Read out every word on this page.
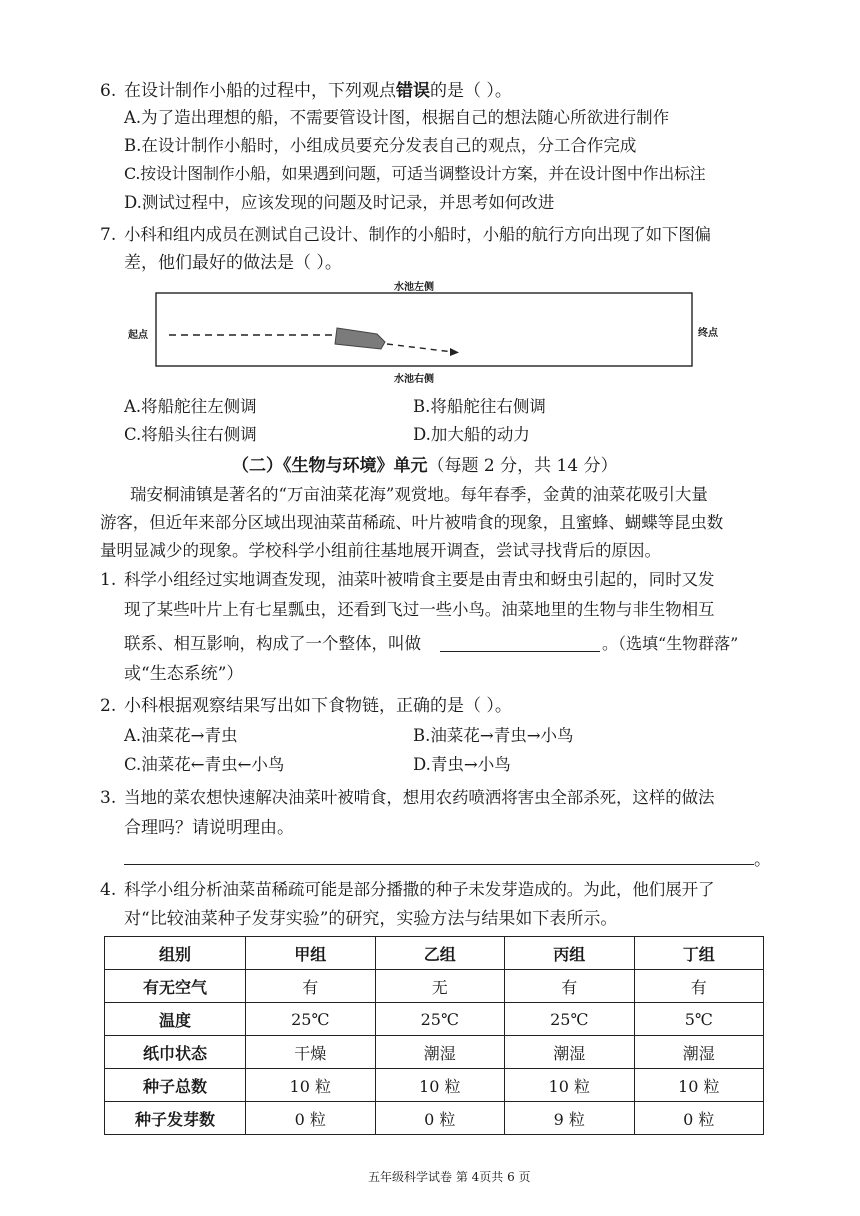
6. 在设计制作小船的过程中，下列观点错误的是（ ）。
A.为了造出理想的船，不需要管设计图，根据自己的想法随心所欲进行制作
B.在设计制作小船时，小组成员要充分发表自己的观点，分工合作完成
C.按设计图制作小船，如果遇到问题，可适当调整设计方案，并在设计图中作出标注
D.测试过程中，应该发现的问题及时记录，并思考如何改进
7. 小科和组内成员在测试自己设计、制作的小船时，小船的航行方向出现了如下图偏
差，他们最好的做法是（ ）。
水池左侧
起点	终点
水池右侧
A.将船舵往左侧调	B.将船舵往右侧调
C.将船头往右侧调	D.加大船的动力
（二）《生物与环境》单元（每题 2 分，共 14 分）
瑞安桐浦镇是著名的“万亩油菜花海”观赏地。每年春季，金黄的油菜花吸引大量
游客，但近年来部分区域出现油菜苗稀疏、叶片被啃食的现象，且蜜蜂、蝴蝶等昆虫数
量明显减少的现象。学校科学小组前往基地展开调查，尝试寻找背后的原因。
1. 科学小组经过实地调查发现，油菜叶被啃食主要是由青虫和蚜虫引起的，同时又发
现了某些叶片上有七星瓢虫，还看到飞过一些小鸟。油菜地里的生物与非生物相互
联系、相互影响，构成了一个整体，叫做	。（选填“生物群落”
或“生态系统”）
2. 小科根据观察结果写出如下食物链，正确的是（ ）。
A.油菜花→青虫	B.油菜花→青虫→小鸟
C.油菜花←青虫←小鸟	D.青虫→小鸟
3. 当地的菜农想快速解决油菜叶被啃食，想用农药喷洒将害虫全部杀死，这样的做法
合理吗？请说明理由。
。
4. 科学小组分析油菜苗稀疏可能是部分播撒的种子未发芽造成的。为此，他们展开了
对“比较油菜种子发芽实验”的研究，实验方法与结果如下表所示。
组别	甲组	乙组	丙组	丁组
有无空气	有	无	有	有
温度	25℃	25℃	25℃	5℃
纸巾状态	干燥	潮湿	潮湿	潮湿
种子总数	10 粒	10 粒	10 粒	10 粒
种子发芽数	0 粒	0 粒	9 粒	0 粒
五年级科学试卷 第 4页共 6 页
